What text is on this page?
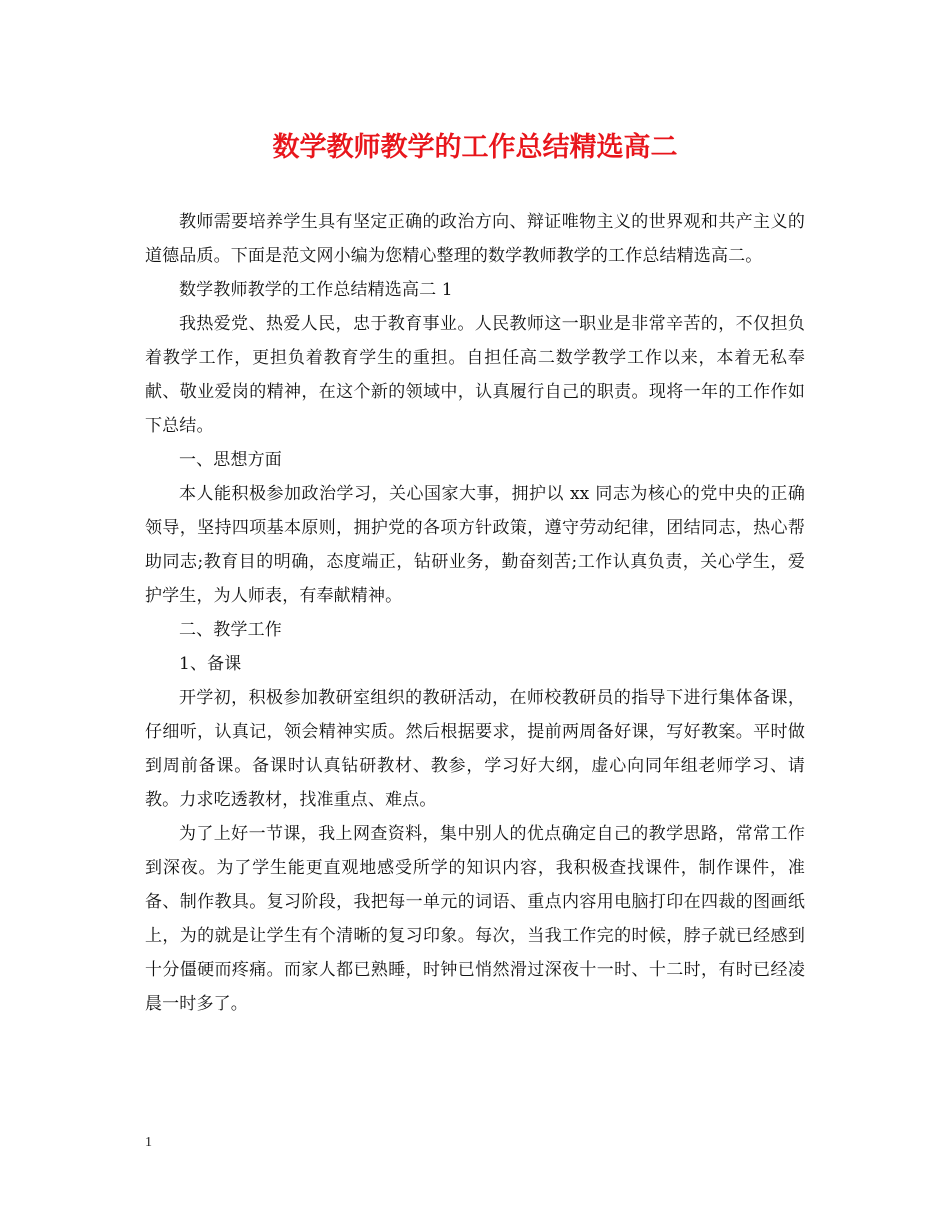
数学教师教学的工作总结精选高二

教师需要培养学生具有坚定正确的政治方向、辩证唯物主义的世界观和共产主义的道德品质。下面是范文网小编为您精心整理的数学教师教学的工作总结精选高二。

数学教师教学的工作总结精选高二 1

我热爱党、热爱人民，忠于教育事业。人民教师这一职业是非常辛苦的，不仅担负着教学工作，更担负着教育学生的重担。自担任高二数学教学工作以来，本着无私奉献、敬业爱岗的精神，在这个新的领域中，认真履行自己的职责。现将一年的工作作如下总结。

一、思想方面

本人能积极参加政治学习，关心国家大事，拥护以 xx 同志为核心的党中央的正确领导，坚持四项基本原则，拥护党的各项方针政策，遵守劳动纪律，团结同志，热心帮助同志;教育目的明确，态度端正，钻研业务，勤奋刻苦;工作认真负责，关心学生，爱护学生，为人师表，有奉献精神。

二、教学工作

1、备课

开学初，积极参加教研室组织的教研活动，在师校教研员的指导下进行集体备课，仔细听，认真记，领会精神实质。然后根据要求，提前两周备好课，写好教案。平时做到周前备课。备课时认真钻研教材、教参，学习好大纲，虚心向同年组老师学习、请教。力求吃透教材，找准重点、难点。

为了上好一节课，我上网查资料，集中别人的优点确定自己的教学思路，常常工作到深夜。为了学生能更直观地感受所学的知识内容，我积极查找课件，制作课件，准备、制作教具。复习阶段，我把每一单元的词语、重点内容用电脑打印在四裁的图画纸上，为的就是让学生有个清晰的复习印象。每次，当我工作完的时候，脖子就已经感到十分僵硬而疼痛。而家人都已熟睡，时钟已悄然滑过深夜十一时、十二时，有时已经凌晨一时多了。

1
